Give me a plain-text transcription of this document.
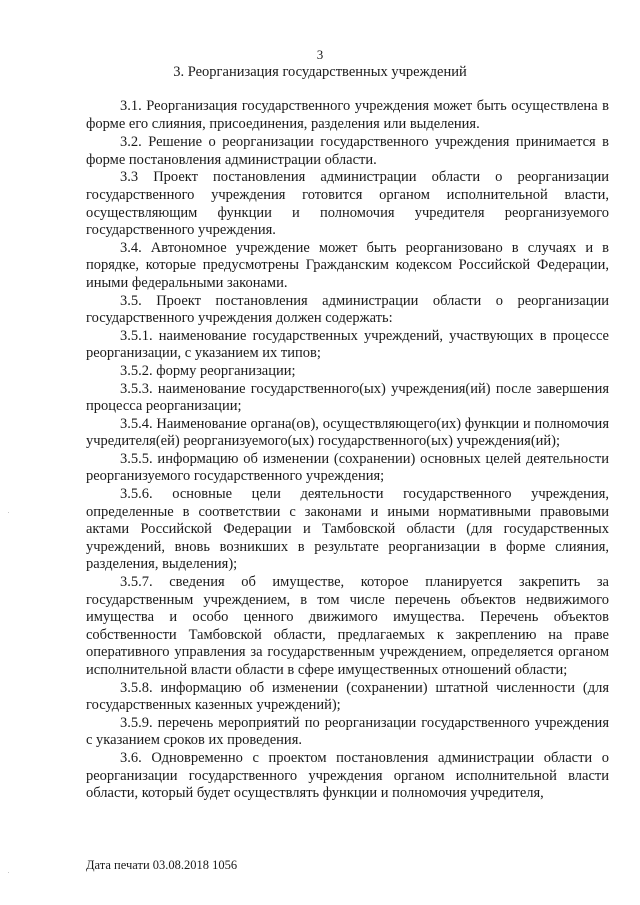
3
3. Реорганизация государственных учреждений

3.1. Реорганизация государственного учреждения может быть осуществлена в форме его слияния, присоединения, разделения или выделения.

3.2. Решение о реорганизации государственного учреждения принимается в форме постановления администрации области.

3.3 Проект постановления администрации области о реорганизации государственного учреждения готовится органом исполнительной власти, осуществляющим функции и полномочия учредителя реорганизуемого государственного учреждения.

3.4. Автономное учреждение может быть реорганизовано в случаях и в порядке, которые предусмотрены Гражданским кодексом Российской Федерации, иными федеральными законами.

3.5. Проект постановления администрации области о реорганизации государственного учреждения должен содержать:

3.5.1. наименование государственных учреждений, участвующих в процессе реорганизации, с указанием их типов;

3.5.2. форму реорганизации;

3.5.3. наименование государственного(ых) учреждения(ий) после завершения процесса реорганизации;

3.5.4. Наименование органа(ов), осуществляющего(их) функции и полномочия учредителя(ей) реорганизуемого(ых) государственного(ых) учреждения(ий);

3.5.5. информацию об изменении (сохранении) основных целей деятельности реорганизуемого государственного учреждения;

3.5.6. основные цели деятельности государственного учреждения, определенные в соответствии с законами и иными нормативными правовыми актами Российской Федерации и Тамбовской области (для государственных учреждений, вновь возникших в результате реорганизации в форме слияния, разделения, выделения);

3.5.7. сведения об имуществе, которое планируется закрепить за государственным учреждением, в том числе перечень объектов недвижимого имущества и особо ценного движимого имущества. Перечень объектов собственности Тамбовской области, предлагаемых к закреплению на праве оперативного управления за государственным учреждением, определяется органом исполнительной власти области в сфере имущественных отношений области;

3.5.8. информацию об изменении (сохранении) штатной численности (для государственных казенных учреждений);

3.5.9. перечень мероприятий по реорганизации государственного учреждения с указанием сроков их проведения.

3.6. Одновременно с проектом постановления администрации области о реорганизации государственного учреждения органом исполнительной власти области, который будет осуществлять функции и полномочия учредителя,

Дата печати 03.08.2018 1056
